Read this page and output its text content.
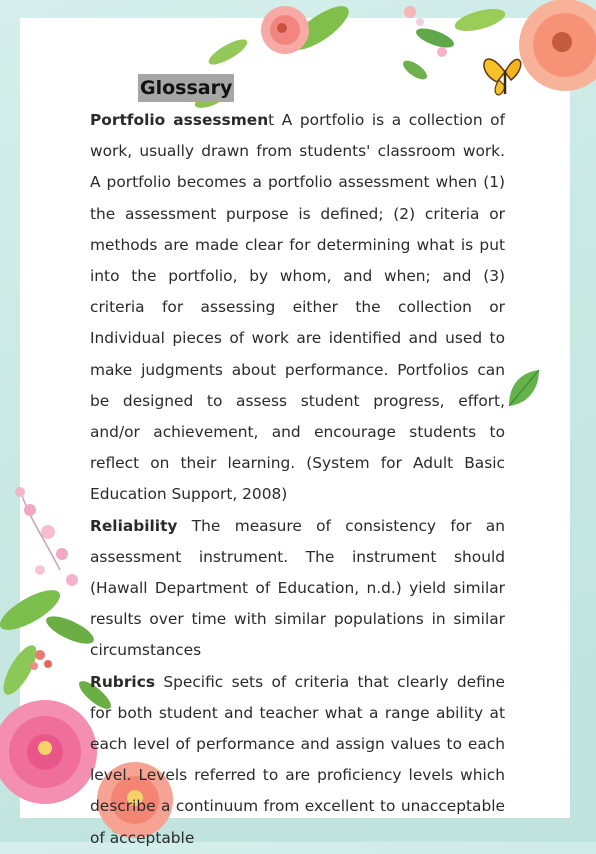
Glossary

Portfolio assessment A portfolio is a collection of work, usually drawn from students' classroom work. A portfolio becomes a portfolio assessment when (1) the assessment purpose is defined; (2) criteria or methods are made clear for determining what is put into the portfolio, by whom, and when; and (3) criteria for assessing either the collection or Individual pieces of work are identified and used to make judgments about performance. Portfolios can be designed to assess student progress, effort, and/or achievement, and encourage students to reflect on their learning. (System for Adult Basic Education Support, 2008)

Reliability The measure of consistency for an assessment instrument. The instrument should (Hawall Department of Education, n.d.) yield similar results over time with similar populations in similar circumstances

Rubrics Specific sets of criteria that clearly define for both student and teacher what a range ability at each level of performance and assign values to each level. Levels referred to are proficiency levels which describe a continuum from excellent to unacceptable of acceptable
